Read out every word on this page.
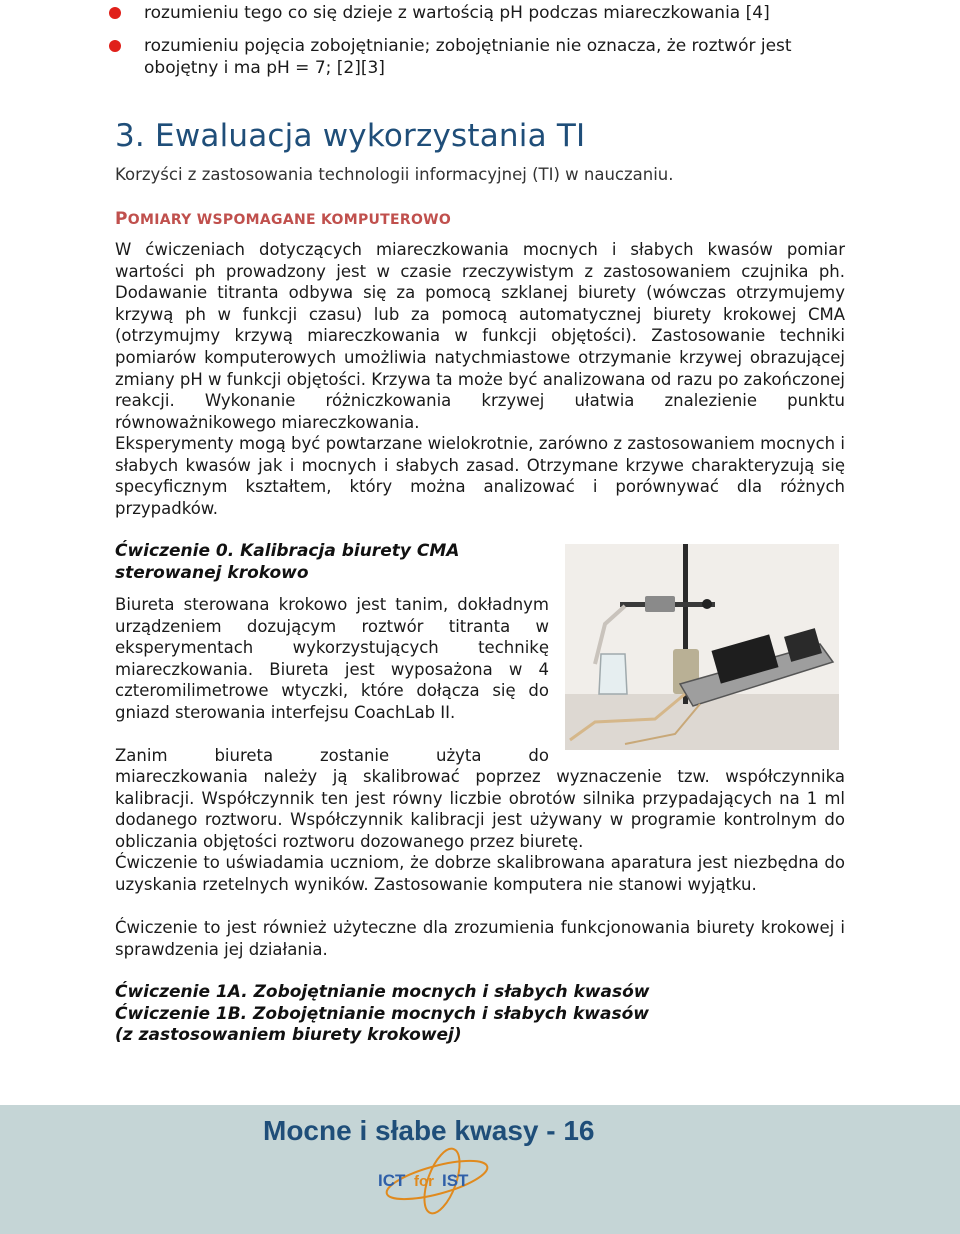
rozumieniu tego co się dzieje z wartością pH podczas miareczkowania [4]
rozumieniu pojęcia zobojętnianie; zobojętnianie nie oznacza, że roztwór jest obojętny i ma pH = 7; [2][3]
3. Ewaluacja wykorzystania TI

Korzyści z zastosowania technologii informacyjnej (TI) w nauczaniu.

POMIARY WSPOMAGANE KOMPUTEROWO

W ćwiczeniach dotyczących miareczkowania mocnych i słabych kwasów pomiar wartości ph prowadzony jest w czasie rzeczywistym z zastosowaniem czujnika ph. Dodawanie titranta odbywa się za pomocą szklanej biurety (wówczas otrzymujemy krzywą ph w funkcji czasu) lub za pomocą automatycznej biurety krokowej CMA (otrzymujmy krzywą miareczkowania w funkcji objętości). Zastosowanie techniki pomiarów komputerowych umożliwia natychmiastowe otrzymanie krzywej obrazującej zmiany pH w funkcji objętości. Krzywa ta może być analizowana od razu po zakończonej reakcji. Wykonanie różniczkowania krzywej ułatwia znalezienie punktu równoważnikowego miareczkowania.

Eksperymenty mogą być powtarzane wielokrotnie, zarówno z zastosowaniem mocnych i słabych kwasów jak i mocnych i słabych zasad. Otrzymane krzywe charakteryzują się specyficznym kształtem, który można analizować i porównywać dla różnych przypadków.

Ćwiczenie 0. Kalibracja biurety CMA
sterowanej krokowo

Biureta sterowana krokowo jest tanim, dokładnym urządzeniem dozującym roztwór titranta w eksperymentach wykorzystujących technikę miareczkowania. Biureta jest wyposażona w 4 czteromilimetrowe wtyczki, które dołącza się do gniazd sterowania interfejsu CoachLab II.

Zanim biureta zostanie użyta do

miareczkowania należy ją skalibrować poprzez wyznaczenie tzw. współczynnika kalibracji. Współczynnik ten jest równy liczbie obrotów silnika przypadających na 1 ml dodanego roztworu. Współczynnik kalibracji jest używany w programie kontrolnym do obliczania objętości roztworu dozowanego przez biuretę.

Ćwiczenie to uświadamia uczniom, że dobrze skalibrowana aparatura jest niezbędna do uzyskania rzetelnych wyników. Zastosowanie komputera nie stanowi wyjątku.

Ćwiczenie to jest również użyteczne dla zrozumienia funkcjonowania biurety krokowej i sprawdzenia jej działania.

Ćwiczenie 1A. Zobojętnianie mocnych i słabych kwasów
Ćwiczenie 1B. Zobojętnianie mocnych i słabych kwasów
(z zastosowaniem biurety krokowej)
Mocne i słabe kwasy - 16
ICT for IST
